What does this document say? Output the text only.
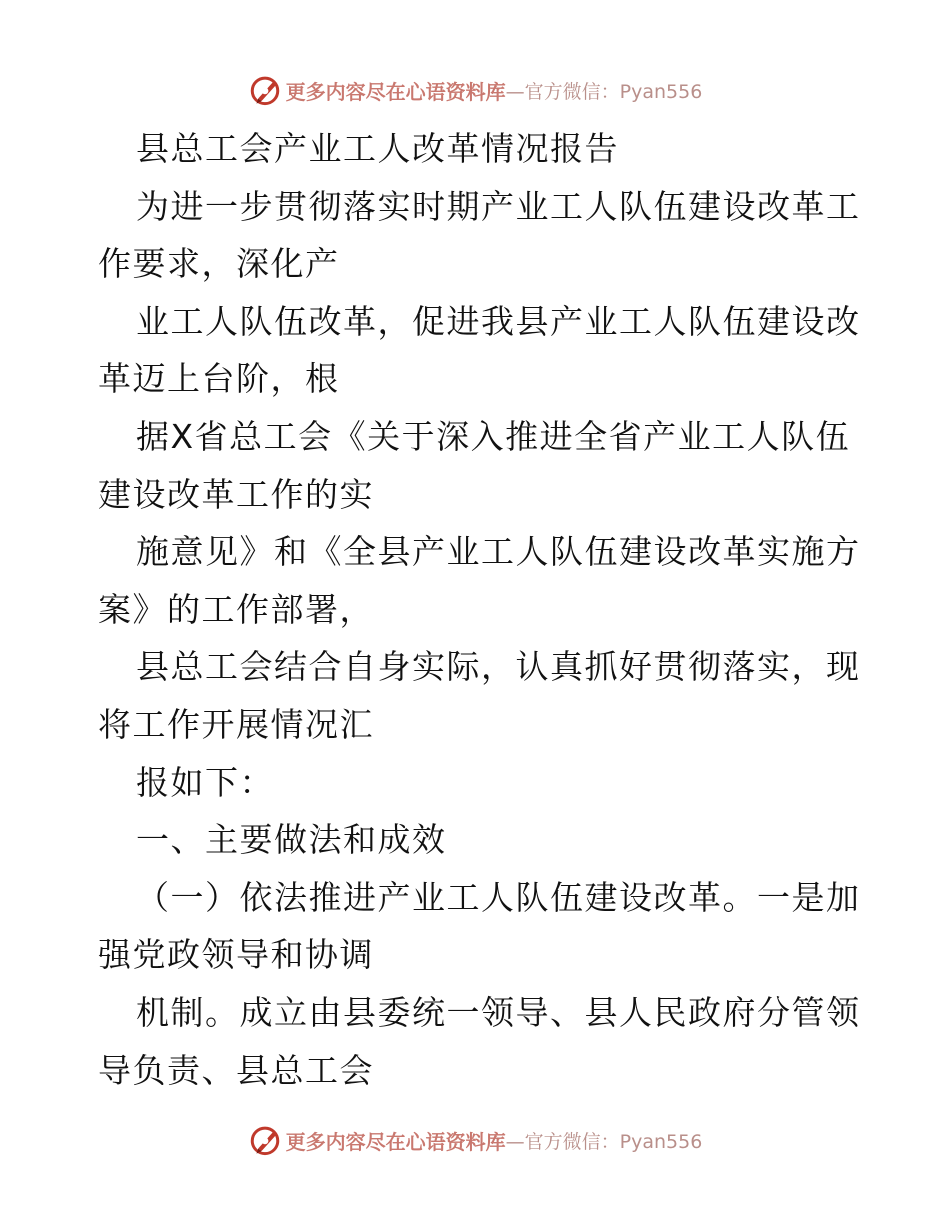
更多内容尽在心语资料库 —官方微信：Pyan556
县总工会产业工人改革情况报告
为进一步贯彻落实时期产业工人队伍建设改革工
作要求，深化产
业工人队伍改革，促进我县产业工人队伍建设改
革迈上台阶，根
据X省总工会《关于深入推进全省产业工人队伍
建设改革工作的实
施意见》和《全县产业工人队伍建设改革实施方
案》的工作部署，
县总工会结合自身实际，认真抓好贯彻落实，现
将工作开展情况汇
报如下：
一、主要做法和成效
（一）依法推进产业工人队伍建设改革。一是加
强党政领导和协调
机制。成立由县委统一领导、县人民政府分管领
导负责、县总工会
更多内容尽在心语资料库 —官方微信：Pyan556
